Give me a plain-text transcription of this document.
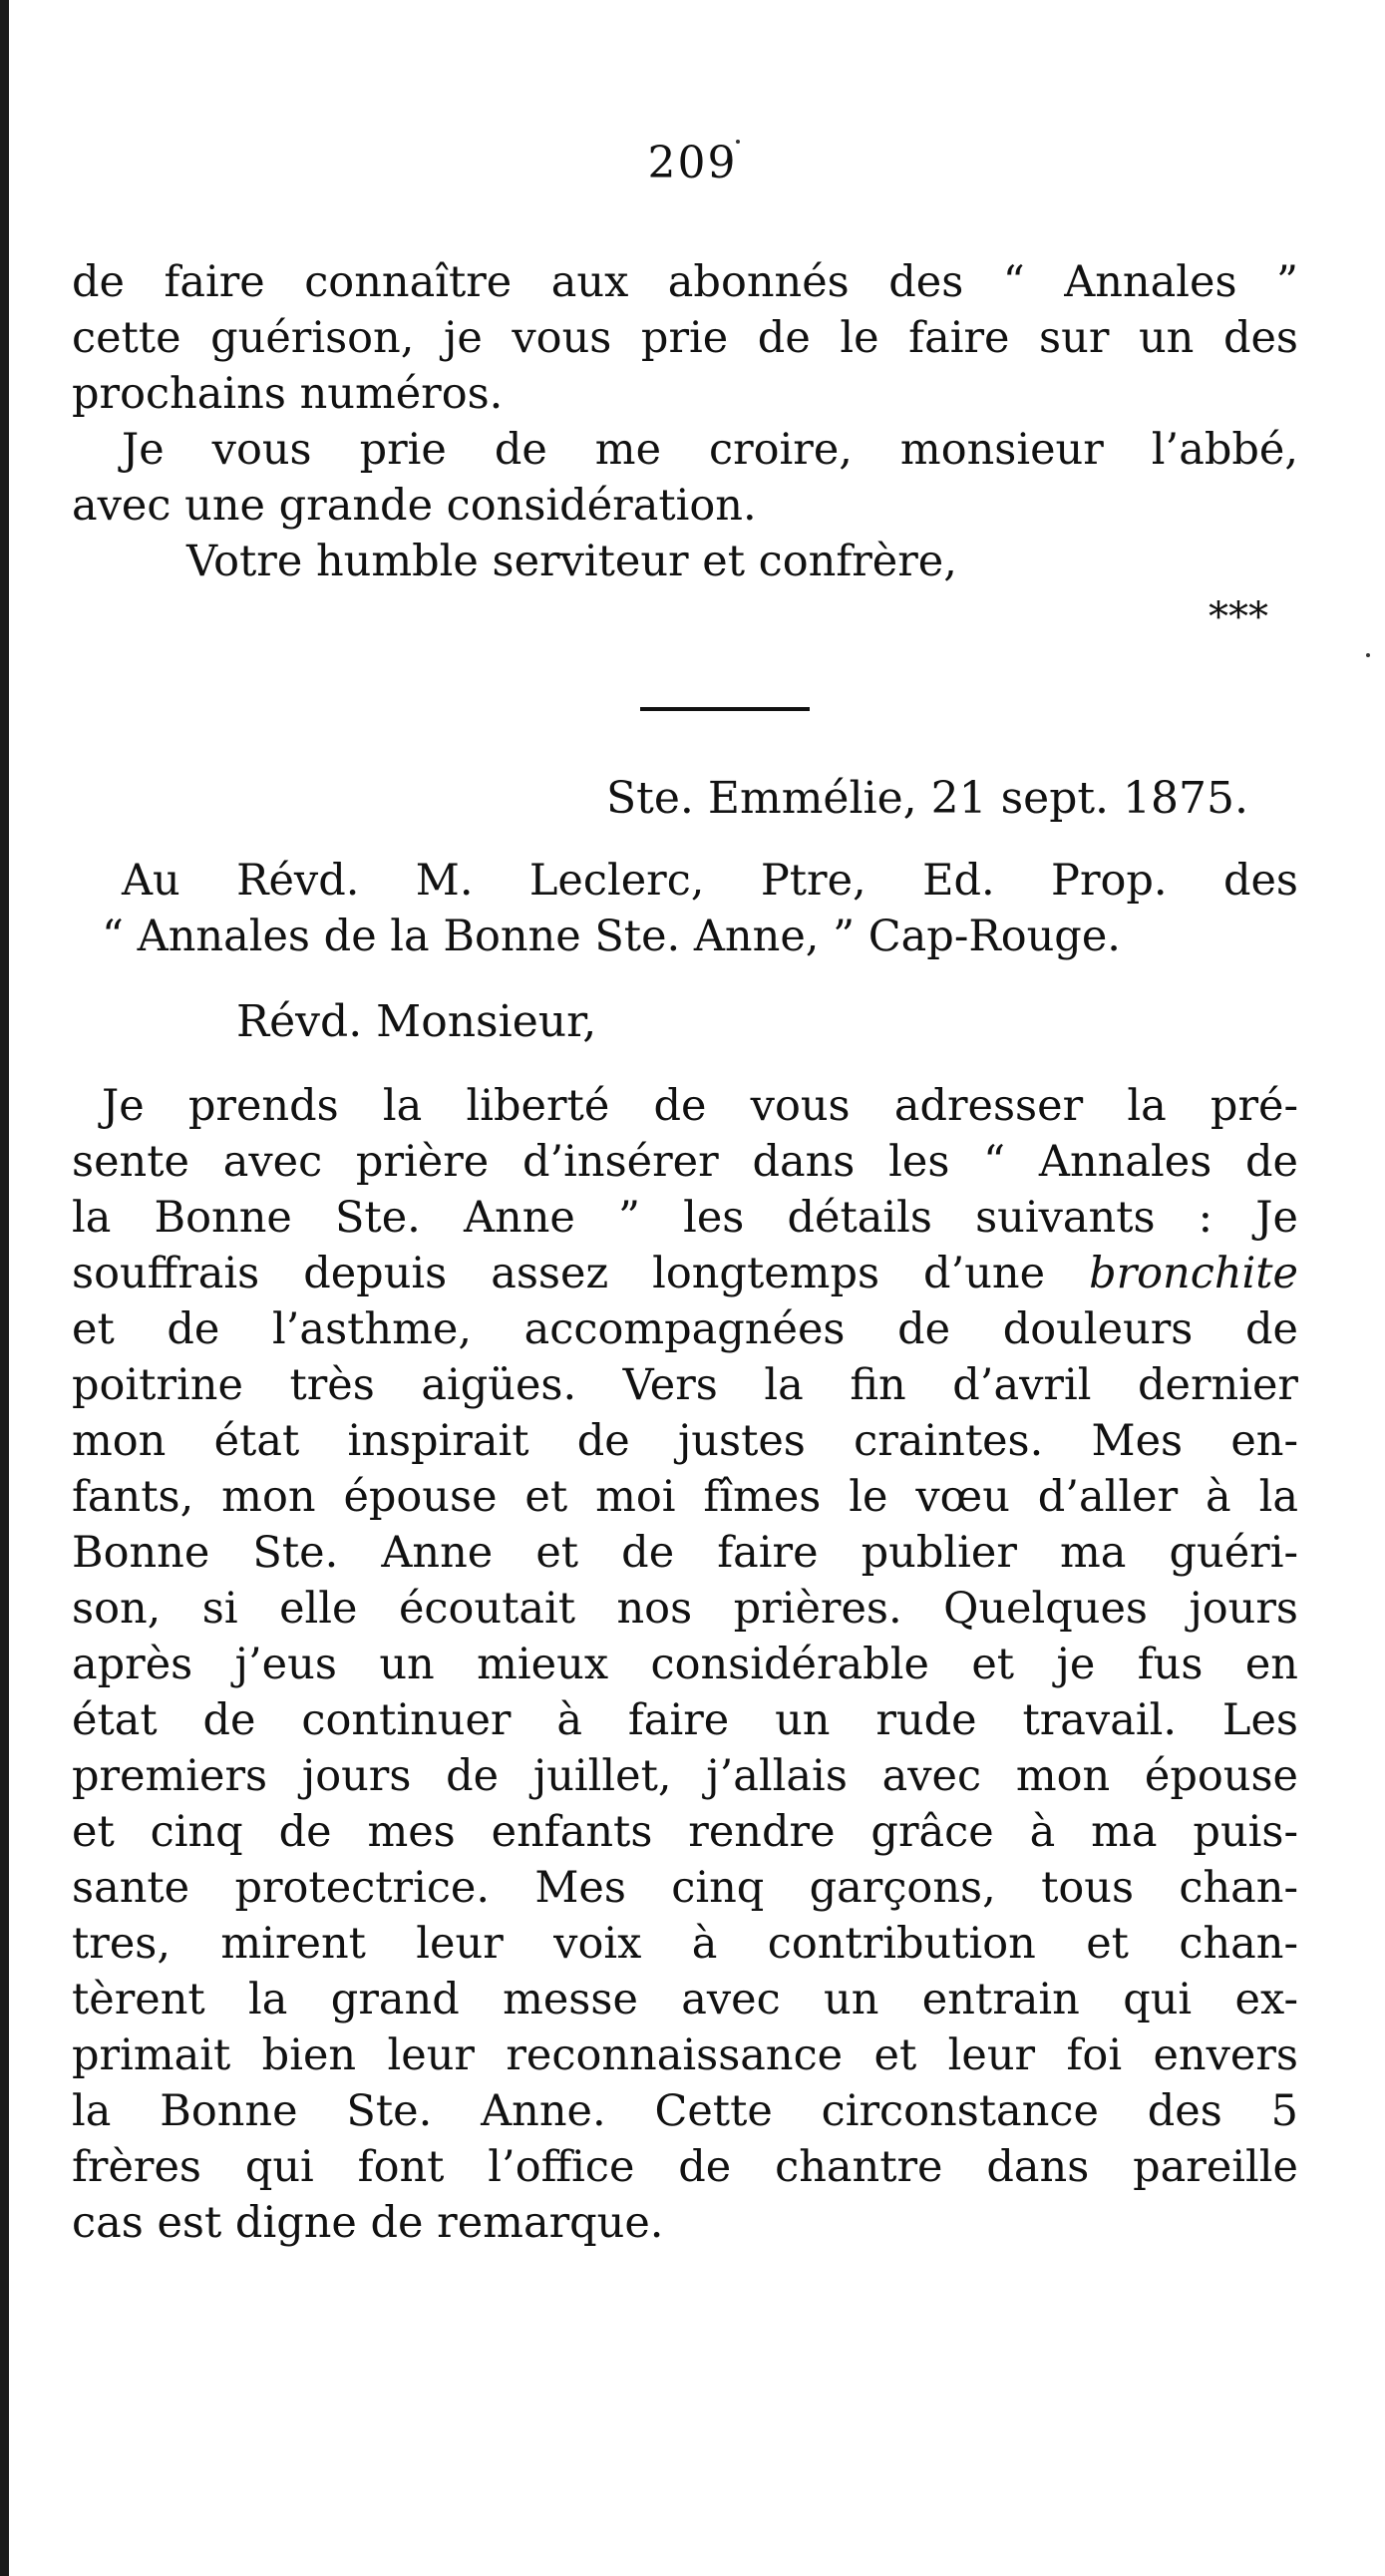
209
de faire connaître aux abonnés des “ Annales ”
cette guérison, je vous prie de le faire sur un des
prochains numéros.
Je vous prie de me croire, monsieur l’abbé,
avec une grande considération.
Votre humble serviteur et confrère,
***
Ste. Emmélie, 21 sept. 1875.
Au Révd. M. Leclerc, Ptre, Ed. Prop. des
“ Annales de la Bonne Ste. Anne, ” Cap-Rouge.
Révd. Monsieur,
Je prends la liberté de vous adresser la pré-
sente avec prière d’insérer dans les “ Annales de
la Bonne Ste. Anne ” les détails suivants : Je
souffrais depuis assez longtemps d’une bronchite
et de l’asthme, accompagnées de douleurs de
poitrine très aigües. Vers la fin d’avril dernier
mon état inspirait de justes craintes. Mes en-
fants, mon épouse et moi fîmes le vœu d’aller à la
Bonne Ste. Anne et de faire publier ma guéri-
son, si elle écoutait nos prières. Quelques jours
après j’eus un mieux considérable et je fus en
état de continuer à faire un rude travail. Les
premiers jours de juillet, j’allais avec mon épouse
et cinq de mes enfants rendre grâce à ma puis-
sante protectrice. Mes cinq garçons, tous chan-
tres, mirent leur voix à contribution et chan-
tèrent la grand messe avec un entrain qui ex-
primait bien leur reconnaissance et leur foi envers
la Bonne Ste. Anne. Cette circonstance des 5
frères qui font l’office de chantre dans pareille
cas est digne de remarque.
